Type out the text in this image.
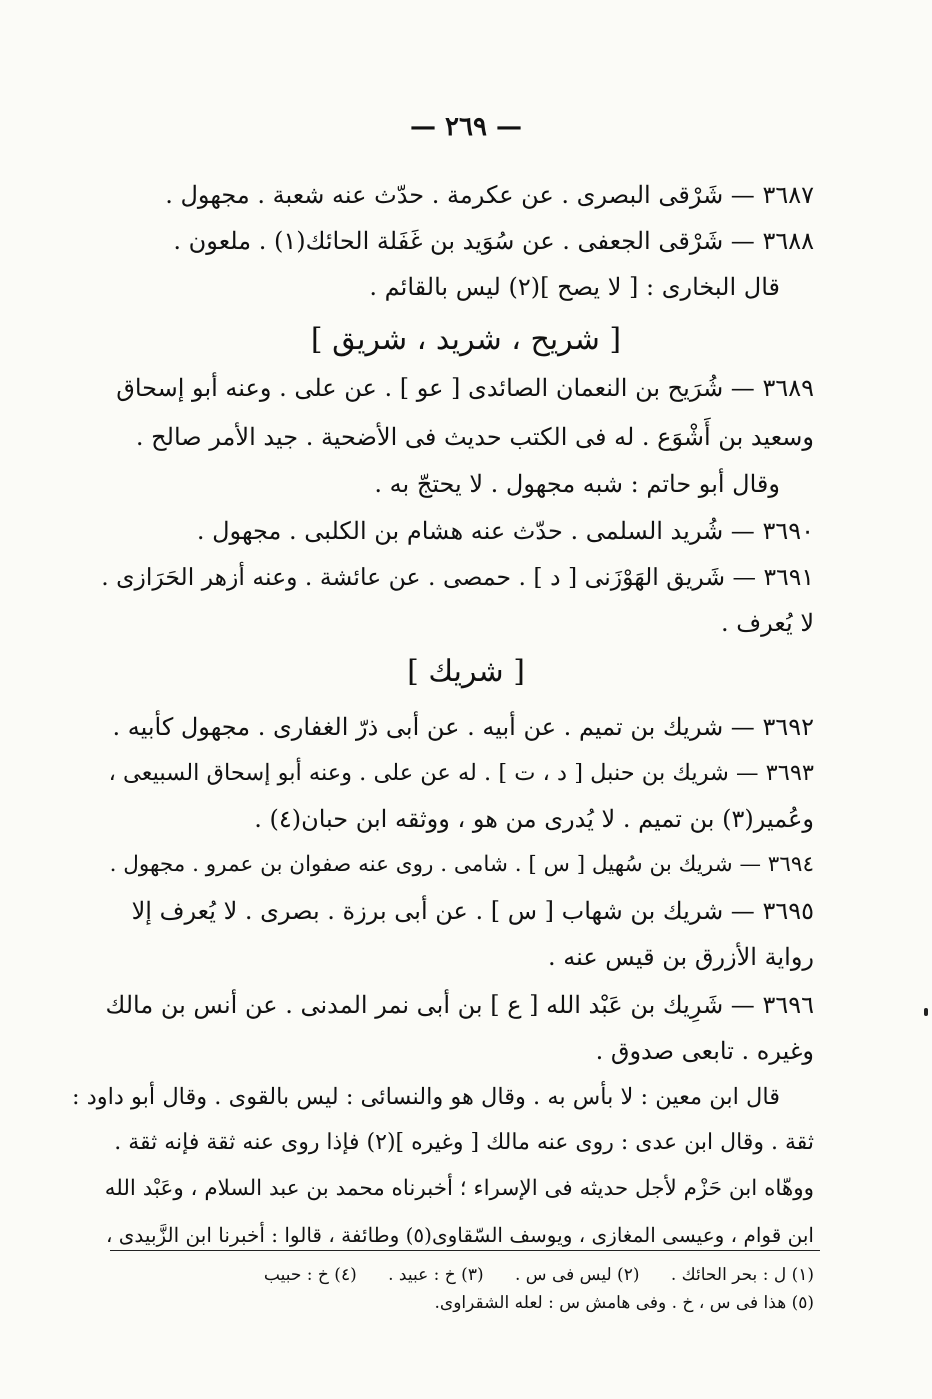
— ٢٦٩ —
٣٦٨٧ — شَرْقى البصرى . عن عكرمة . حدّث عنه شعبة . مجهول .
٣٦٨٨ — شَرْقى الجعفى . عن سُوَيد بن غَفَلة الحائك(١) . ملعون .
قال البخارى : [ لا يصح ](٢) ليس بالقائم .
[ شريح ، شريد ، شريق ]
٣٦٨٩ — شُرَيح بن النعمان الصائدى [ عو ] . عن على . وعنه أبو إسحاق
وسعيد بن أَشْوَع . له فى الكتب حديث فى الأضحية . جيد الأمر صالح .
وقال أبو حاتم : شبه مجهول . لا يحتجّ به .
٣٦٩٠ — شُريد السلمى . حدّث عنه هشام بن الكلبى . مجهول .
٣٦٩١ — شَريق الهَوْزَنى [ د ] . حمصى . عن عائشة . وعنه أزهر الحَرَازى .
لا يُعرف .
[ شريك ]
٣٦٩٢ — شريك بن تميم . عن أبيه . عن أبى ذرّ الغفارى . مجهول كأبيه .
٣٦٩٣ — شريك بن حنبل [ د ، ت ] . له عن على . وعنه أبو إسحاق السبيعى ،
وعُمير(٣) بن تميم . لا يُدرى من هو ، ووثقه ابن حبان(٤) .
٣٦٩٤ — شريك بن سُهيل [ س ] . شامى . روى عنه صفوان بن عمرو . مجهول .
٣٦٩٥ — شريك بن شهاب [ س ] . عن أبى برزة . بصرى . لا يُعرف إلا
رواية الأزرق بن قيس عنه .
٣٦٩٦ — شَرِيك بن عَبْد الله [ ع ] بن أبى نمر المدنى . عن أنس بن مالك
وغيره . تابعى صدوق .
قال ابن معين : لا بأس به . وقال هو والنسائى : ليس بالقوى . وقال أبو داود :
ثقة . وقال ابن عدى : روى عنه مالك [ وغيره ](٢) فإذا روى عنه ثقة فإنه ثقة .
ووهّاه ابن حَزْم لأجل حديثه فى الإسراء ؛ أخبرناه محمد بن عبد السلام ، وعَبْد الله
ابن قوام ، وعيسى المغازى ، ويوسف السّقاوى(٥) وطائفة ، قالوا : أخبرنا ابن الزَّبيدى ،
(١) ل : بحر الحائك . (٢) ليس فى س . (٣) خ : عبيد . (٤) خ : حبيب
(٥) هذا فى س ، خ . وفى هامش س : لعله الشقراوى.
